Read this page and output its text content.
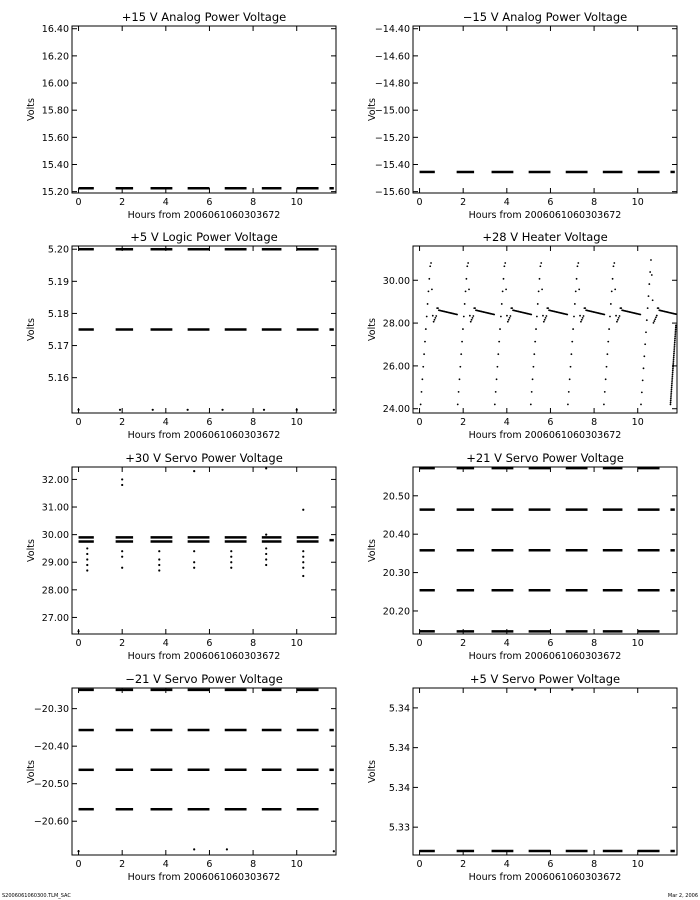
+15 V Analog Power Voltage
Hours from 2006061060303672
Volts
0	2	4	6	8	10
15.20
15.40
15.60
15.80
16.00
16.20
16.40
−15 V Analog Power Voltage
Hours from 2006061060303672
Volts
0	2	4	6	8	10
−15.60
−15.40
−15.20
−15.00
−14.80
−14.60
−14.40
+5 V Logic Power Voltage
Hours from 2006061060303672
Volts
0	2	4	6	8	10
5.16
5.17
5.18
5.19
5.20
+28 V Heater Voltage
Hours from 2006061060303672
Volts
0	2	4	6	8	10
24.00
26.00
28.00
30.00
+30 V Servo Power Voltage
Hours from 2006061060303672
Volts
0	2	4	6	8	10
27.00
28.00
29.00
30.00
31.00
32.00
+21 V Servo Power Voltage
Hours from 2006061060303672
Volts
0	2	4	6	8	10
20.20
20.30
20.40
20.50
−21 V Servo Power Voltage
Hours from 2006061060303672
Volts
0	2	4	6	8	10
−20.60
−20.50
−20.40
−20.30
+5 V Servo Power Voltage
Hours from 2006061060303672
Volts
0	2	4	6	8	10
5.33
5.34
5.34
5.34
S2006061060300.TLM_SAC	Mar 2, 2006
